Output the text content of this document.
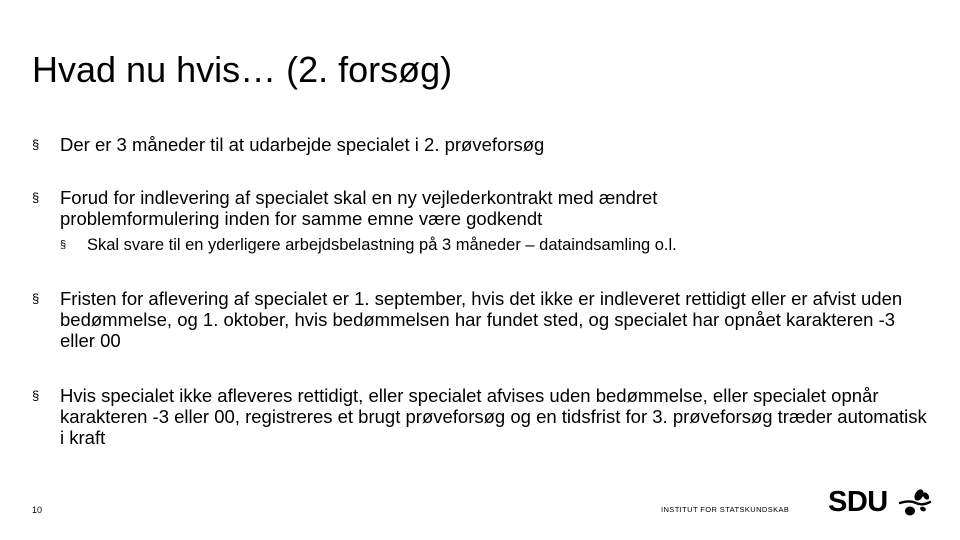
Hvad nu hvis… (2. forsøg)
§ Der er 3 måneder til at udarbejde specialet i 2. prøveforsøg
§ Forud for indlevering af specialet skal en ny vejlederkontrakt med ændret problemformulering inden for samme emne være godkendt
§ Skal svare til en yderligere arbejdsbelastning på 3 måneder – dataindsamling o.l.
§ Fristen for aflevering af specialet er 1. september, hvis det ikke er indleveret rettidigt eller er afvist uden bedømmelse, og 1. oktober, hvis bedømmelsen har fundet sted, og specialet har opnået karakteren -3 eller 00
§ Hvis specialet ikke afleveres rettidigt, eller specialet afvises uden bedømmelse, eller specialet opnår karakteren -3 eller 00, registreres et brugt prøveforsøg og en tidsfrist for 3. prøveforsøg træder automatisk i kraft
10	INSTITUT FOR STATSKUNDSKAB SDU
